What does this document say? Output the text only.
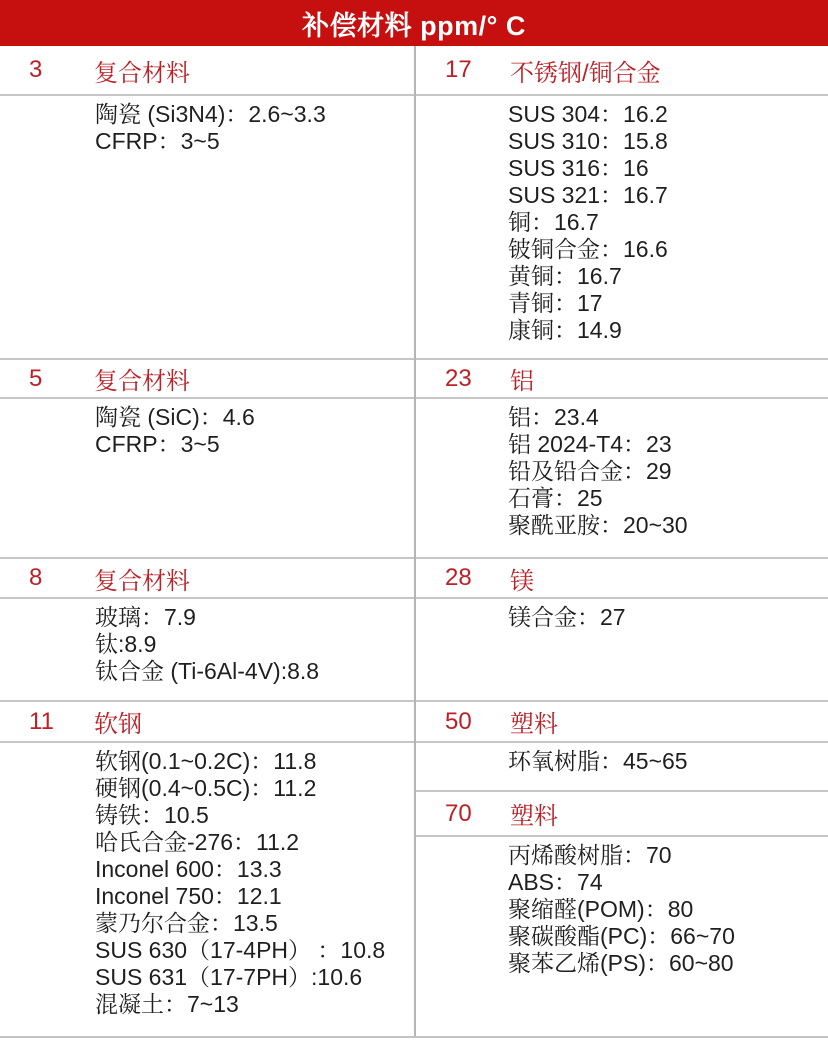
补偿材料 ppm/° C
3	复合材料

陶瓷 (Si3N4)：2.6~3.3

CFRP：3~5

5	复合材料

陶瓷 (SiC)：4.6

CFRP：3~5

8	复合材料

玻璃：7.9

钛:8.9

钛合金 (Ti-6Al-4V):8.8

11	软钢

软钢(0.1~0.2C)：11.8

硬钢(0.4~0.5C)：11.2

铸铁：10.5

哈氏合金-276：11.2

Inconel 600：13.3

Inconel 750：12.1

蒙乃尔合金：13.5

SUS 630（17-4PH） ：10.8

SUS 631（17-7PH）:10.6

混凝土：7~13

17	不锈钢/铜合金

SUS 304：16.2

SUS 310：15.8

SUS 316：16

SUS 321：16.7

铜：16.7

铍铜合金：16.6

黄铜：16.7

青铜：17

康铜：14.9

23	铝

铝：23.4

铝 2024-T4：23

铅及铅合金：29

石膏：25

聚酰亚胺：20~30

28	镁

镁合金：27

50	塑料

环氧树脂：45~65

70	塑料

丙烯酸树脂：70

ABS：74

聚缩醛(POM)：80

聚碳酸酯(PC)：66~70

聚苯乙烯(PS)：60~80
